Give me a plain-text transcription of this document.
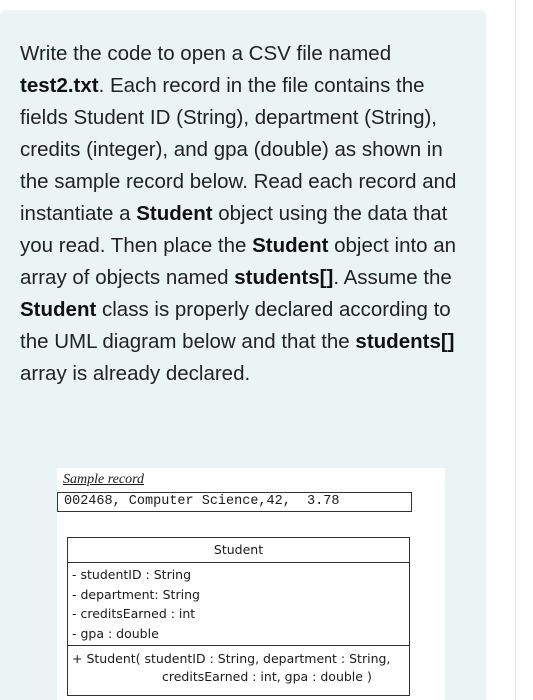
Write the code to open a CSV file named test2.txt. Each record in the file contains the fields Student ID (String), department (String), credits (integer), and gpa (double) as shown in the sample record below. Read each record and instantiate a Student object using the data that you read. Then place the Student object into an array of objects named students[]. Assume the Student class is properly declared according to the UML diagram below and that the students[] array is already declared.

Sample record

002468, Computer Science,42,  3.78
Student
- studentID : String
- department: String
- creditsEarned : int
- gpa : double
+ Student( studentID : String, department : String,
creditsEarned : int, gpa : double )
